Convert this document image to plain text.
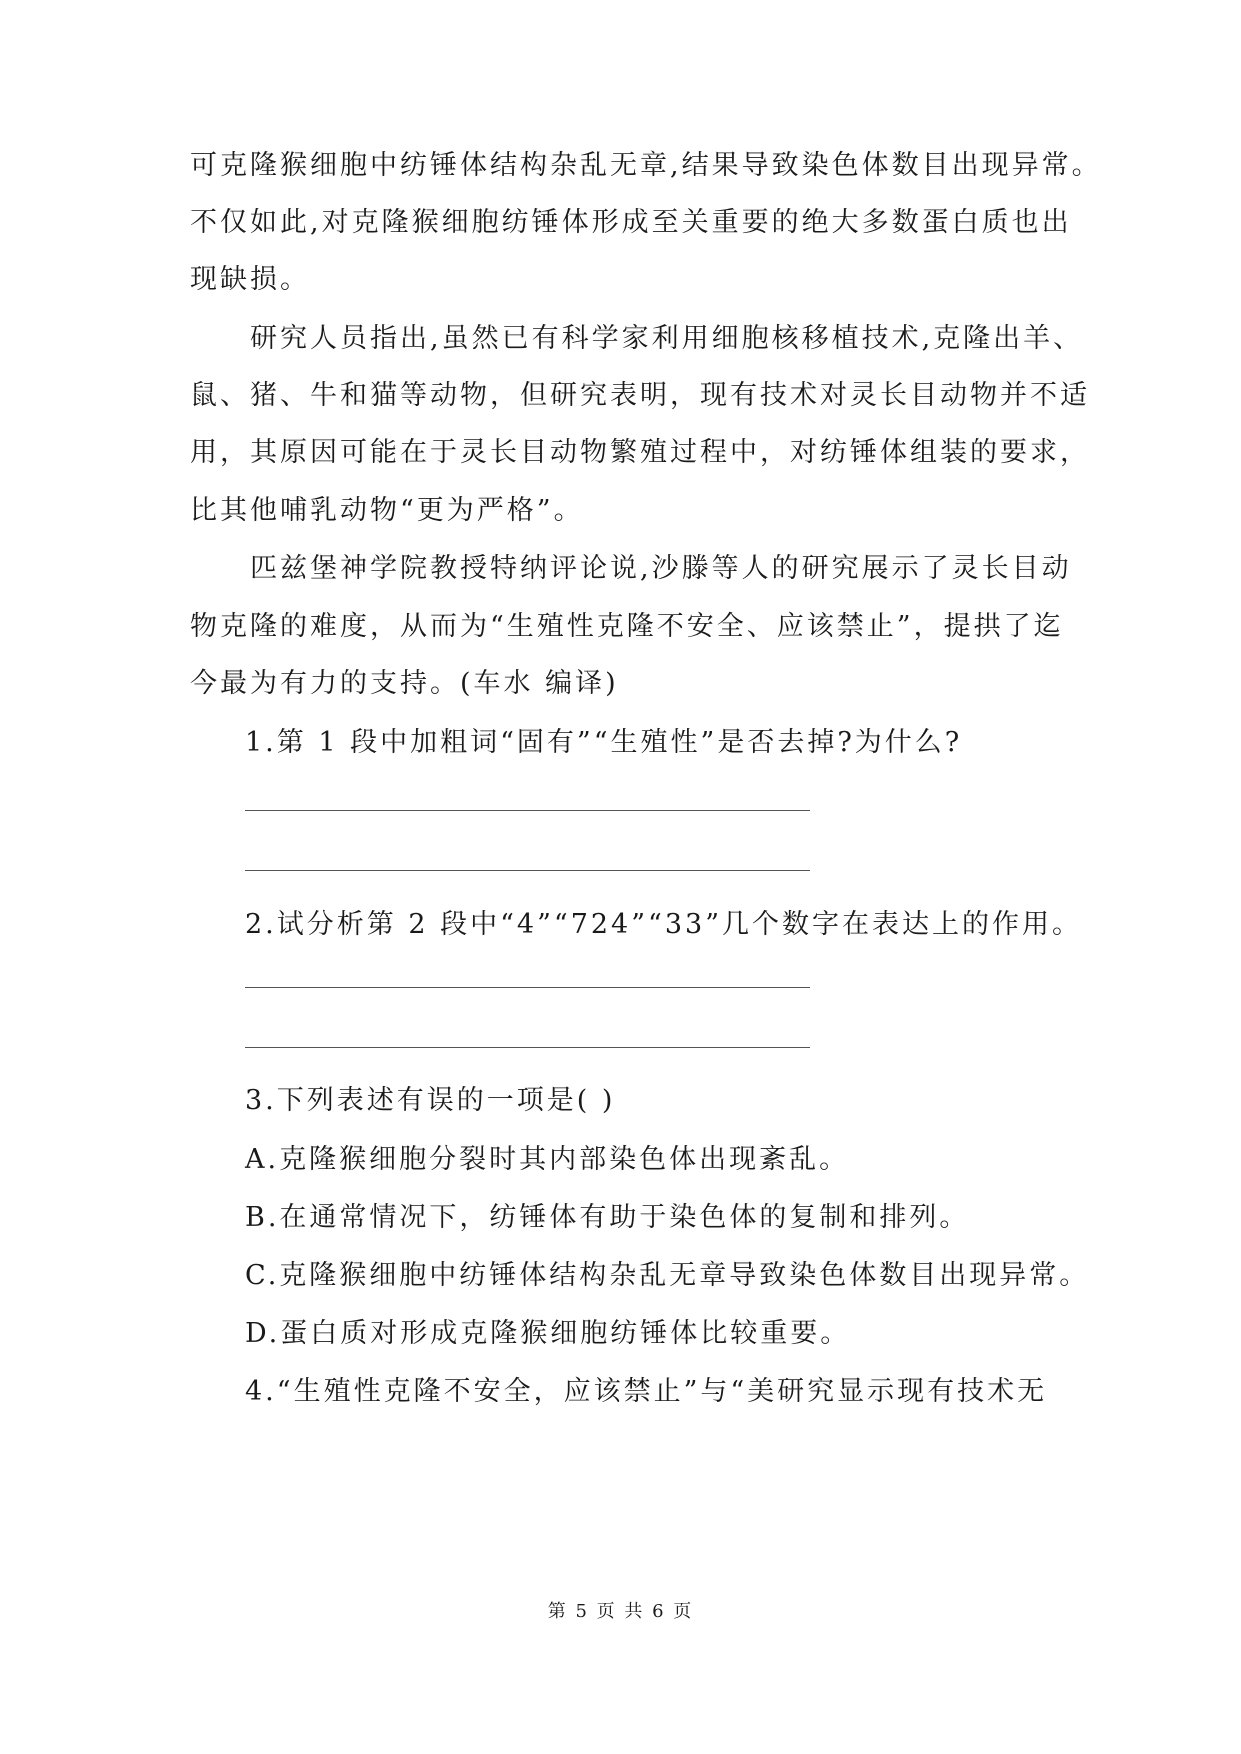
可克隆猴细胞中纺锤体结构杂乱无章,结果导致染色体数目出现异常。
不仅如此,对克隆猴细胞纺锤体形成至关重要的绝大多数蛋白质也出
现缺损。
研究人员指出,虽然已有科学家利用细胞核移植技术,克隆出羊、
鼠、猪、牛和猫等动物，但研究表明，现有技术对灵长目动物并不适
用，其原因可能在于灵长目动物繁殖过程中，对纺锤体组装的要求，
比其他哺乳动物“更为严格”。
匹兹堡神学院教授特纳评论说,沙滕等人的研究展示了灵长目动
物克隆的难度，从而为“生殖性克隆不安全、应该禁止”，提拱了迄
今最为有力的支持。(车水 编译)
1.第 1 段中加粗词“固有”“生殖性”是否去掉?为什么?
2.试分析第 2 段中“4”“724”“33”几个数字在表达上的作用。
3.下列表述有误的一项是( )
A.克隆猴细胞分裂时其内部染色体出现紊乱。
B.在通常情况下，纺锤体有助于染色体的复制和排列。
C.克隆猴细胞中纺锤体结构杂乱无章导致染色体数目出现异常。
D.蛋白质对形成克隆猴细胞纺锤体比较重要。
4.“生殖性克隆不安全，应该禁止”与“美研究显示现有技术无
第 5 页 共 6 页
